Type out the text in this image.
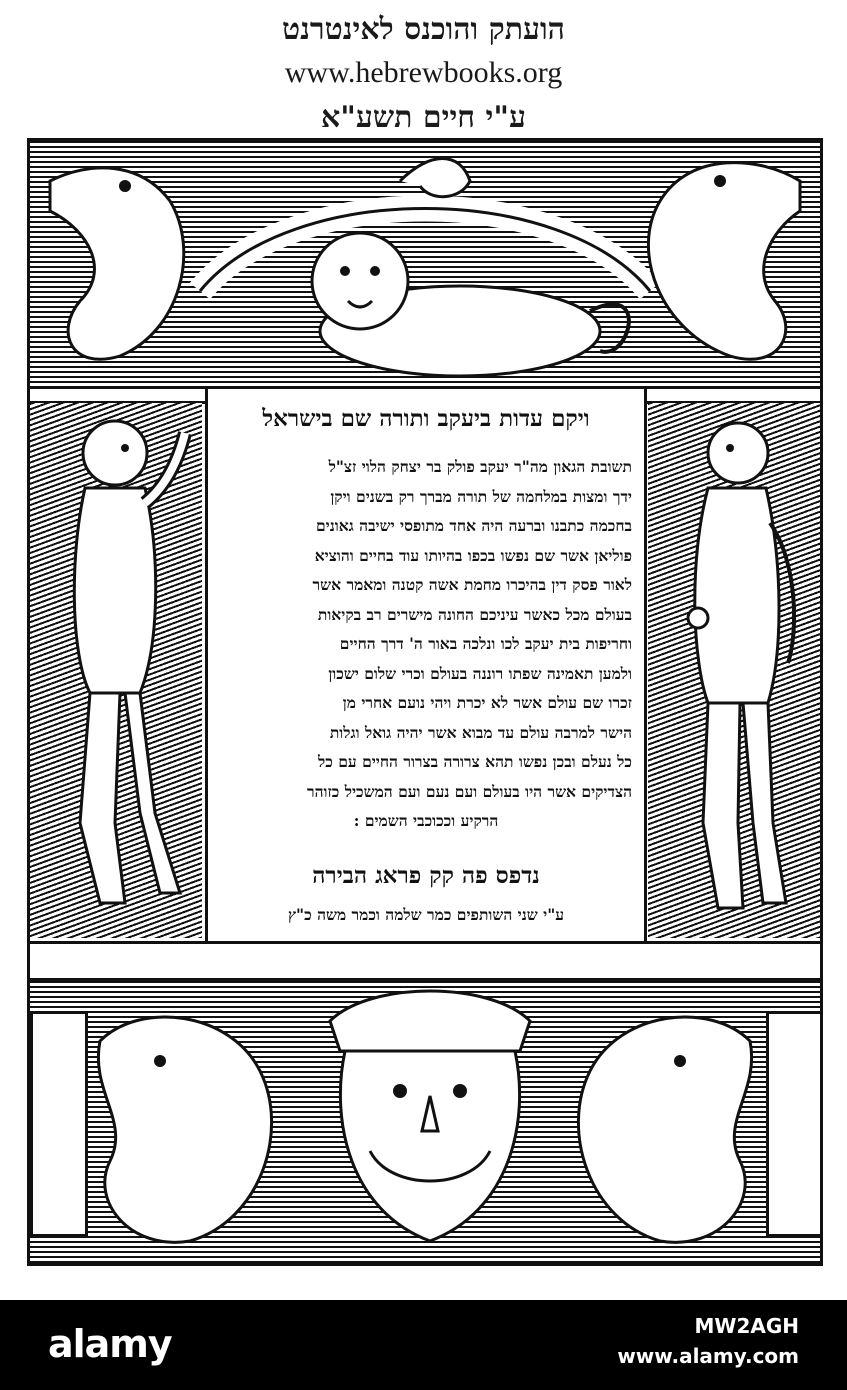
הועתק והוכנס לאינטרנט
www.hebrewbooks.org
ע"י חיים תשע"א
ויקם עדות ביעקב ותורה שם בישראל

תשובת הגאון מה"ר יעקב פולק בר יצחק הלוי זצ"ל

ידך ומצות במלחמה של תורה מברך רק בשנים ויקן

בחכמה כתבנו וברעה היה אחד מתופסי ישיבה גאונים

פוליאן אשר שם נפשו בכפו בהיותו עוד בחיים והוציא

לאור פסק דין בהיכרו מחמת אשה קטנה ומאמר אשר

בעולם מכל כאשר עיניכם החונה מישרים רב בקיאות

וחריפות בית יעקב לכו ונלכה באור ה' דרך החיים

ולמען תאמינה שפתו רוננה בעולם וכרי שלום ישכון

זכרו שם עולם אשר לא יכרת ויהי נועם אחרי מן

הישר למרבה עולם עד מבוא אשר יהיה גואל וגלות

כל נעלם ובכן נפשו תהא צרורה בצרור החיים עם כל

הצדיקים אשר היו בעולם ועם נעם ועם המשכיל כזוהר

הרקיע וככוכבי השמים :

נדפס פה קק פראג הבירה
ע"י שני השותפים כמר שלמה וכמר משה כ"ץ
alamy	MW2AGH
www.alamy.com
